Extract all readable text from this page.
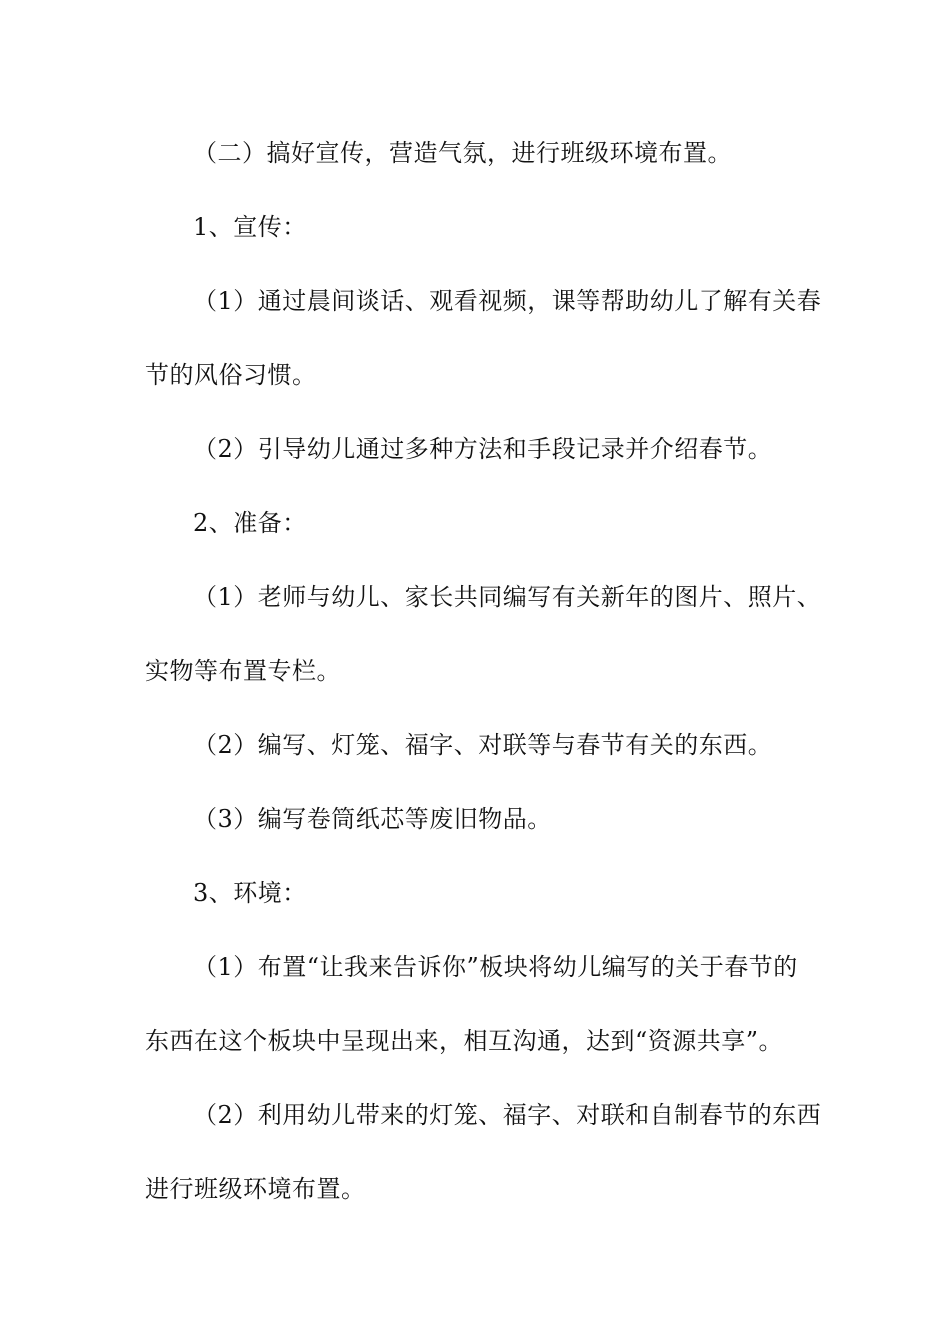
（二）搞好宣传，营造气氛，进行班级环境布置。
1、宣传：
（1）通过晨间谈话、观看视频，课等帮助幼儿了解有关春
节的风俗习惯。
（2）引导幼儿通过多种方法和手段记录并介绍春节。
2、准备：
（1）老师与幼儿、家长共同编写有关新年的图片、照片、
实物等布置专栏。
（2）编写、灯笼、福字、对联等与春节有关的东西。
（3）编写卷筒纸芯等废旧物品。
3、环境：
（1）布置“让我来告诉你”板块将幼儿编写的关于春节的
东西在这个板块中呈现出来，相互沟通，达到“资源共享”。
（2）利用幼儿带来的灯笼、福字、对联和自制春节的东西
进行班级环境布置。
